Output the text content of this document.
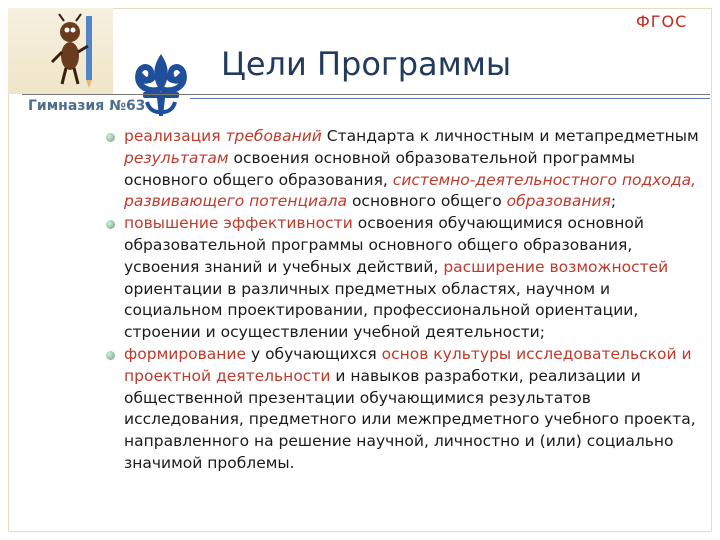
Гимназия №63
Цели Программы
ФГОС
реализация требований Стандарта к личностным и метапредметным результатам освоения основной образовательной программы основного общего образования, системно-деятельностного подхода, развивающего потенциала основного общего образования;
повышение эффективности освоения обучающимися основной образовательной программы основного общего образования, усвоения знаний и учебных действий, расширение возможностей ориентации в различных предметных областях, научном и социальном проектировании, профессиональной ориентации, строении и осуществлении учебной деятельности;
формирование у обучающихся основ культуры исследовательской и проектной деятельности и навыков разработки, реализации и общественной презентации обучающимися результатов исследования, предметного или межпредметного учебного проекта, направленного на решение научной, личностно и (или) социально значимой проблемы.
